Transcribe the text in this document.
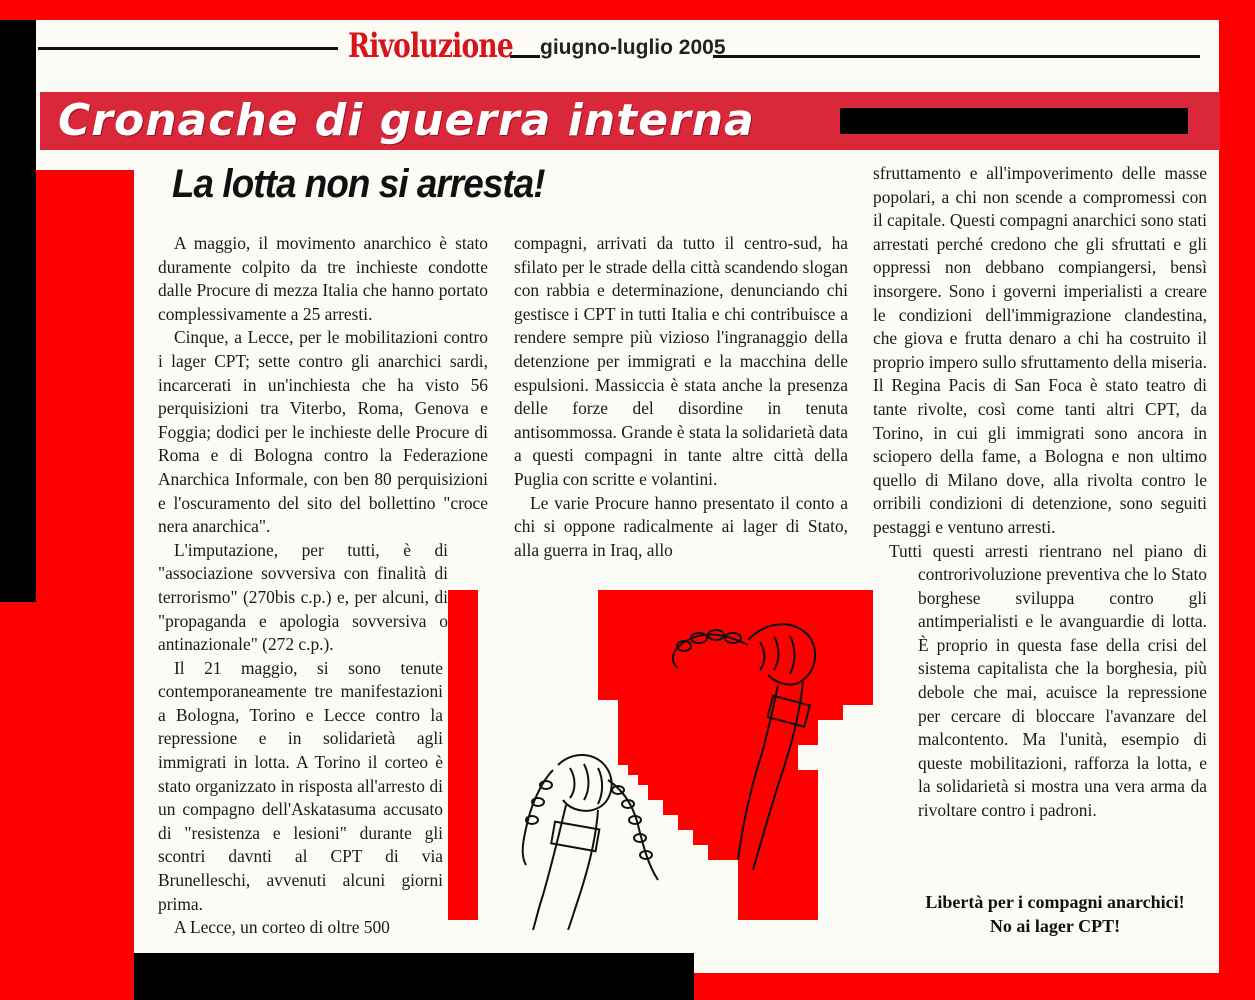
Rivoluzione giugno-luglio 2005
Cronache di guerra interna
La lotta non si arresta!

A maggio, il movimento anarchico è stato duramente colpito da tre inchieste condotte dalle Procure di mezza Italia che hanno portato complessivamente a 25 arresti.

Cinque, a Lecce, per le mobilitazioni contro i lager CPT; sette contro gli anarchici sardi, incarcerati in un'inchiesta che ha visto 56 perquisizioni tra Viterbo, Roma, Genova e Foggia; dodici per le inchieste delle Procure di Roma e di Bologna contro la Federazione Anarchica Informale, con ben 80 perquisizioni e l'oscuramento del sito del bollettino "croce nera anarchica".

L'imputazione, per tutti, è di "associazione sovversiva con finalità di terrorismo" (270bis c.p.) e, per alcuni, di "propaganda e apologia sovversiva o antinazionale" (272 c.p.).

Il 21 maggio, si sono tenute contemporaneamente tre manifestazioni a Bologna, Torino e Lecce contro la repressione e in solidarietà agli immigrati in lotta. A Torino il corteo è stato organizzato in risposta all'arresto di un compagno dell'Askatasuma accusato di "resistenza e lesioni" durante gli scontri davnti al CPT di via Brunelleschi, avvenuti alcuni giorni prima.

A Lecce, un corteo di oltre 500

compagni, arrivati da tutto il centro-sud, ha sfilato per le strade della città scandendo slogan con rabbia e determinazione, denunciando chi gestisce i CPT in tutti Italia e chi contribuisce a rendere sempre più vizioso l'ingranaggio della detenzione per immigrati e la macchina delle espulsioni. Massiccia è stata anche la presenza delle forze del disordine in tenuta antisommossa. Grande è stata la solidarietà data a questi compagni in tante altre città della Puglia con scritte e volantini.

Le varie Procure hanno presentato il conto a chi si oppone radicalmente ai lager di Stato, alla guerra in Iraq, allo

sfruttamento e all'impoverimento delle masse popolari, a chi non scende a compromessi con il capitale. Questi compagni anarchici sono stati arrestati perché credono che gli sfruttati e gli oppressi non debbano compiangersi, bensì insorgere. Sono i governi imperialisti a creare le condizioni dell'immigrazione clandestina, che giova e frutta denaro a chi ha costruito il proprio impero sullo sfruttamento della miseria. Il Regina Pacis di San Foca è stato teatro di tante rivolte, così come tanti altri CPT, da Torino, in cui gli immigrati sono ancora in sciopero della fame, a Bologna e non ultimo quello di Milano dove, alla rivolta contro le orribili condizioni di detenzione, sono seguiti pestaggi e ventuno arresti.

Tutti questi arresti rientrano nel piano di controrivoluzione preventiva che lo Stato borghese sviluppa contro gli antimperialisti e le avanguardie di lotta. È proprio in questa fase della crisi del sistema capitalista che la borghesia, più debole che mai, acuisce la repressione per cercare di bloccare l'avanzare del malcontento. Ma l'unità, esempio di queste mobilitazioni, rafforza la lotta, e la solidarietà si mostra una vera arma da rivoltare contro i padroni.

Libertà per i compagni anarchici!
No ai lager CPT!
